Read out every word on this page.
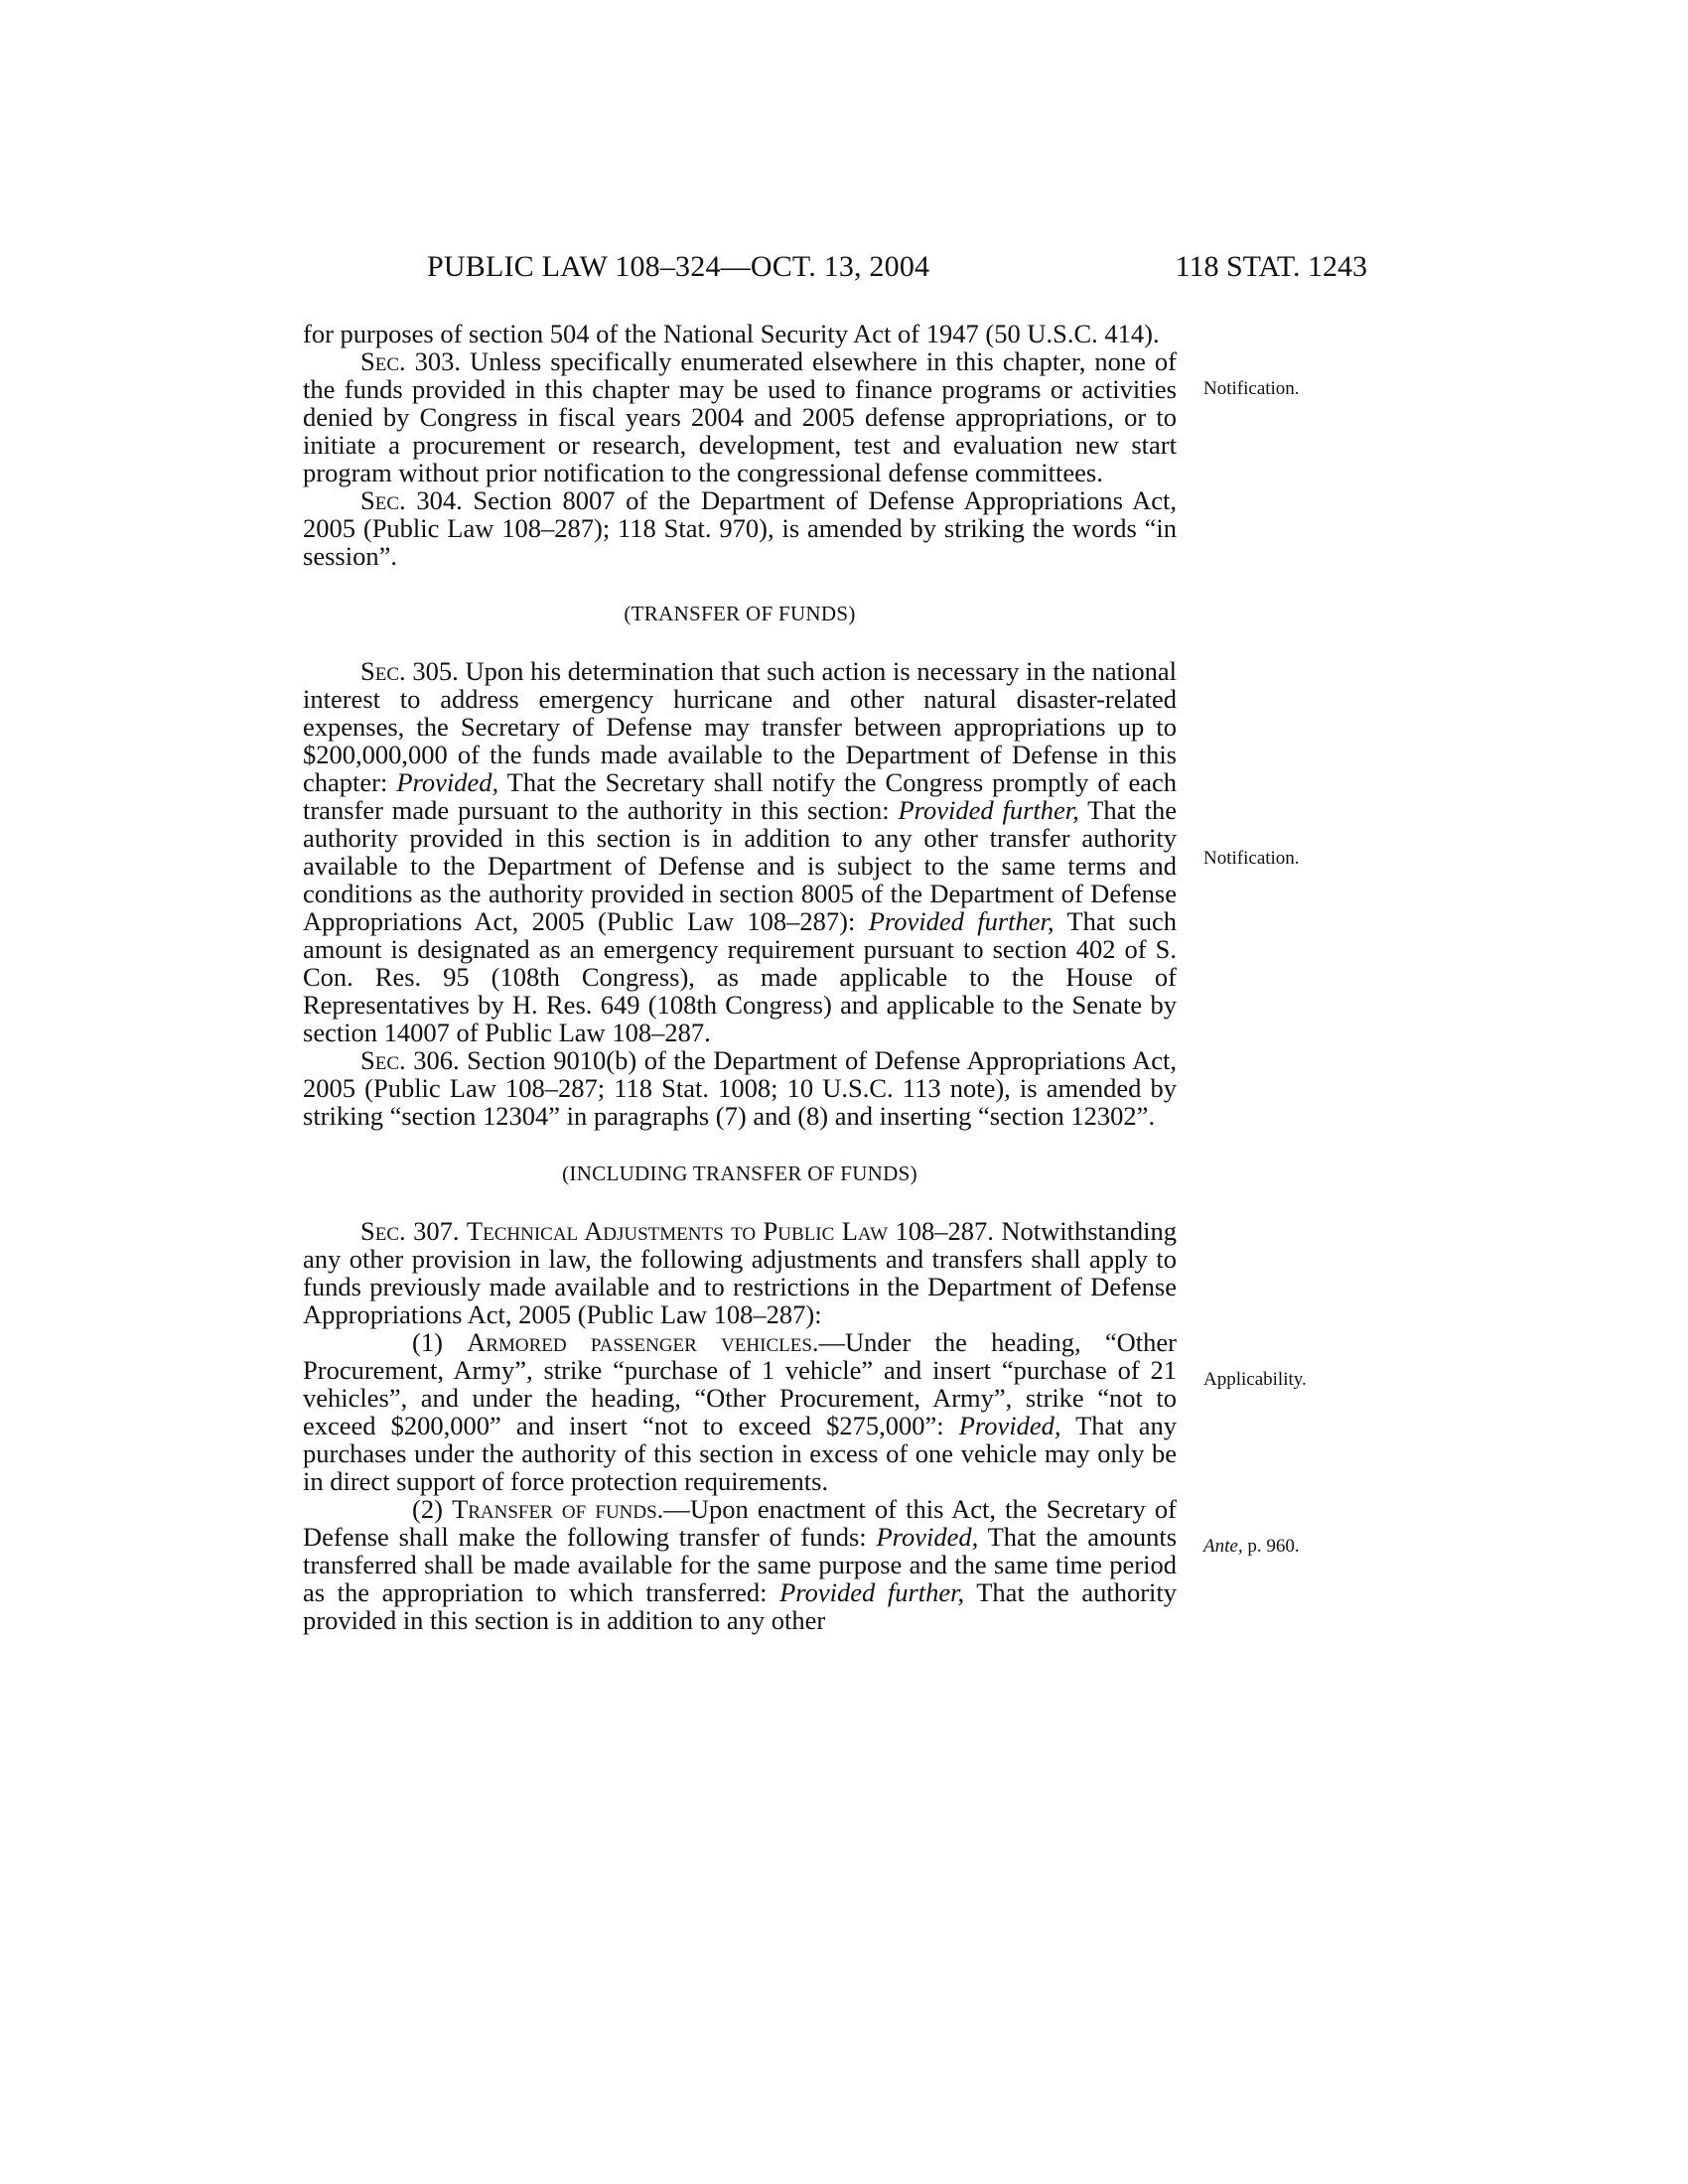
PUBLIC LAW 108–324—OCT. 13, 2004	118 STAT. 1243
Notification.
Notification.
Applicability.
Ante, p. 960.

for purposes of section 504 of the National Security Act of 1947 (50 U.S.C. 414).

Sec. 303. Unless specifically enumerated elsewhere in this chapter, none of the funds provided in this chapter may be used to finance programs or activities denied by Congress in fiscal years 2004 and 2005 defense appropriations, or to initiate a procurement or research, development, test and evaluation new start program without prior notification to the congressional defense committees.

Sec. 304. Section 8007 of the Department of Defense Appropriations Act, 2005 (Public Law 108–287); 118 Stat. 970), is amended by striking the words “in session”.

(TRANSFER OF FUNDS)

Sec. 305. Upon his determination that such action is necessary in the national interest to address emergency hurricane and other natural disaster-related expenses, the Secretary of Defense may transfer between appropriations up to $200,000,000 of the funds made available to the Department of Defense in this chapter: Provided, That the Secretary shall notify the Congress promptly of each transfer made pursuant to the authority in this section: Provided further, That the authority provided in this section is in addition to any other transfer authority available to the Department of Defense and is subject to the same terms and conditions as the authority provided in section 8005 of the Department of Defense Appropriations Act, 2005 (Public Law 108–287): Provided further, That such amount is designated as an emergency requirement pursuant to section 402 of S. Con. Res. 95 (108th Congress), as made applicable to the House of Representatives by H. Res. 649 (108th Congress) and applicable to the Senate by section 14007 of Public Law 108–287.

Sec. 306. Section 9010(b) of the Department of Defense Appropriations Act, 2005 (Public Law 108–287; 118 Stat. 1008; 10 U.S.C. 113 note), is amended by striking “section 12304” in paragraphs (7) and (8) and inserting “section 12302”.

(INCLUDING TRANSFER OF FUNDS)

Sec. 307. Technical Adjustments to Public Law 108–287. Notwithstanding any other provision in law, the following adjustments and transfers shall apply to funds previously made available and to restrictions in the Department of Defense Appropriations Act, 2005 (Public Law 108–287):

(1) Armored passenger vehicles.—Under the heading, “Other Procurement, Army”, strike “purchase of 1 vehicle” and insert “purchase of 21 vehicles”, and under the heading, “Other Procurement, Army”, strike “not to exceed $200,000” and insert “not to exceed $275,000”: Provided, That any purchases under the authority of this section in excess of one vehicle may only be in direct support of force protection requirements.

(2) Transfer of funds.—Upon enactment of this Act, the Secretary of Defense shall make the following transfer of funds: Provided, That the amounts transferred shall be made available for the same purpose and the same time period as the appropriation to which transferred: Provided further, That the authority provided in this section is in addition to any other
